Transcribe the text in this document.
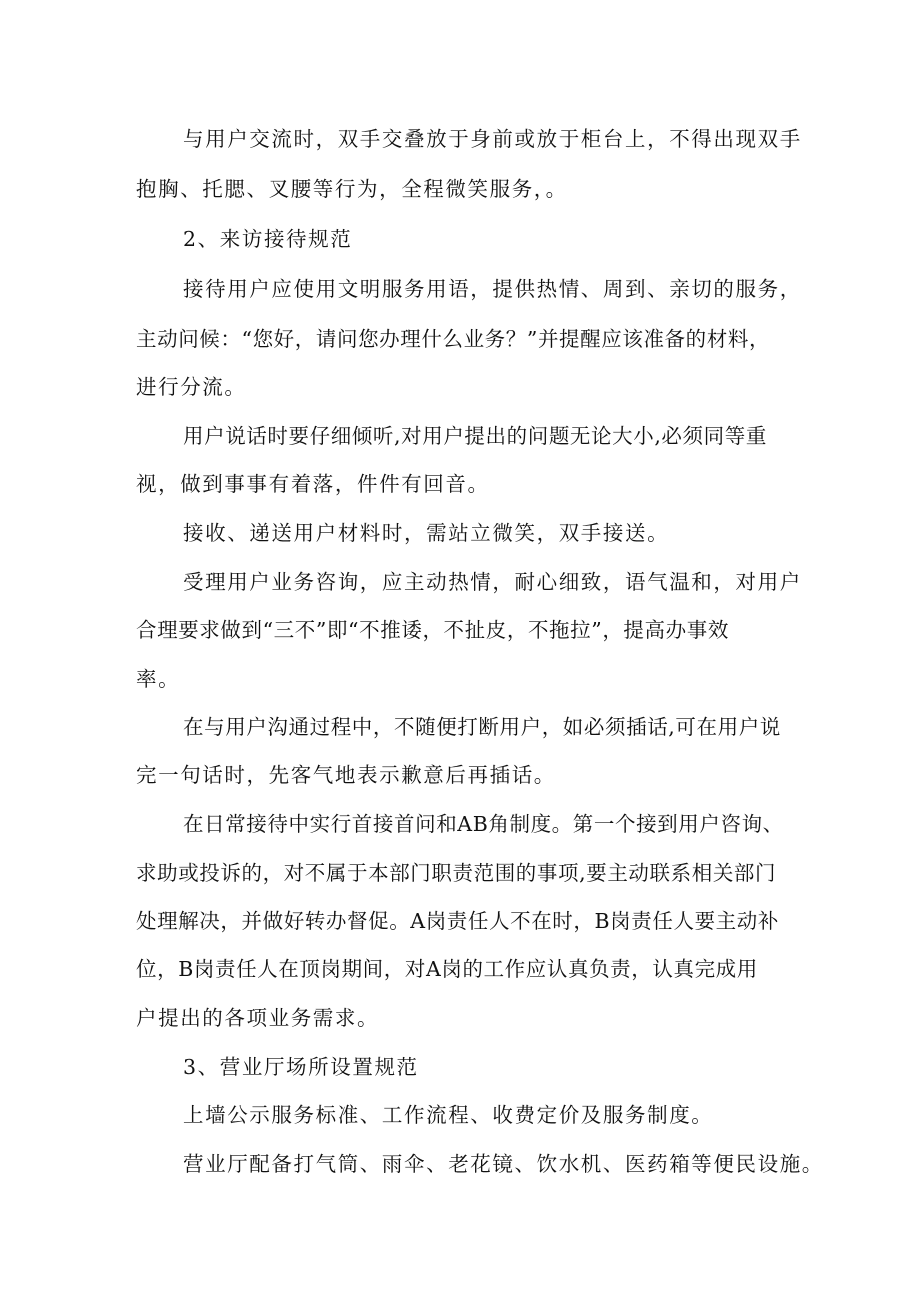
与用户交流时，双手交叠放于身前或放于柜台上，不得出现双手
抱胸、托腮、叉腰等行为，全程微笑服务，。
2、来访接待规范
接待用户应使用文明服务用语，提供热情、周到、亲切的服务，
主动问候：“您好，请问您办理什么业务？”并提醒应该准备的材料，
进行分流。
用户说话时要仔细倾听,对用户提出的问题无论大小,必须同等重
视，做到事事有着落，件件有回音。
接收、递送用户材料时，需站立微笑，双手接送。
受理用户业务咨询，应主动热情，耐心细致，语气温和，对用户
合理要求做到“三不”即“不推诿，不扯皮，不拖拉”，提高办事效
率。
在与用户沟通过程中，不随便打断用户，如必须插话,可在用户说
完一句话时，先客气地表示歉意后再插话。
在日常接待中实行首接首问和AB角制度。第一个接到用户咨询、
求助或投诉的，对不属于本部门职责范围的事项,要主动联系相关部门
处理解决，并做好转办督促。A岗责任人不在时，B岗责任人要主动补
位，B岗责任人在顶岗期间，对A岗的工作应认真负责，认真完成用
户提出的各项业务需求。
3、营业厅场所设置规范
上墙公示服务标准、工作流程、收费定价及服务制度。
营业厅配备打气筒、雨伞、老花镜、饮水机、医药箱等便民设施。
